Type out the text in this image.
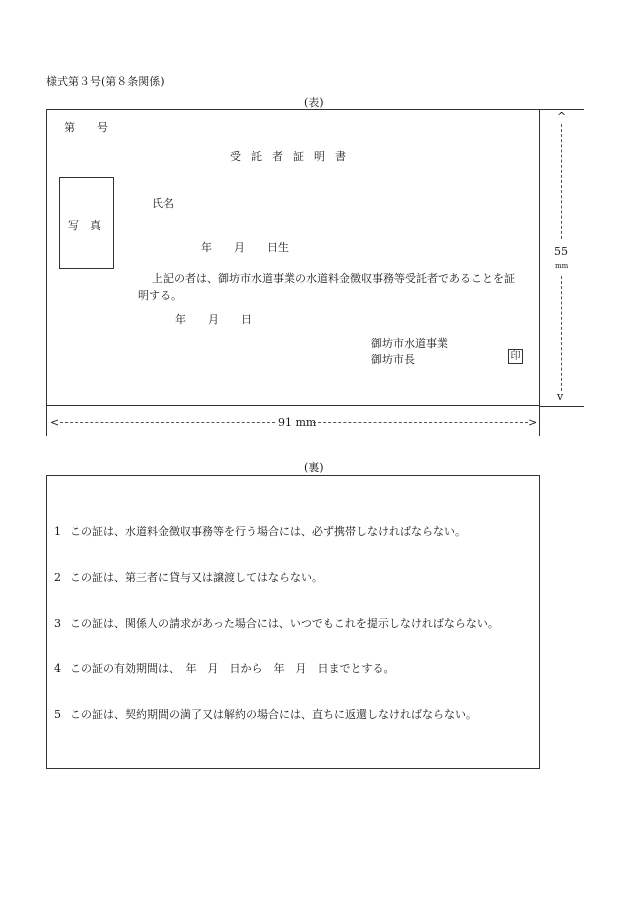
様式第３号(第８条関係)
(表)
第　　号
受託者証明書
写　真
氏名
年　　月　　日生
上記の者は、御坊市水道事業の水道料金徴収事務等受託者であることを証
明する。
年　　月　　日
御坊市水道事業
御坊市長	印
^
55
mm
v
<	91 mm	>
(裏)
1 この証は、水道料金徴収事務等を行う場合には、必ず携帯しなければならない。
2 この証は、第三者に貸与又は譲渡してはならない。
3 この証は、関係人の請求があった場合には、いつでもこれを提示しなければならない。
4 この証の有効期間は、　年　月　日から　年　月　日までとする。
5 この証は、契約期間の満了又は解約の場合には、直ちに返還しなければならない。
